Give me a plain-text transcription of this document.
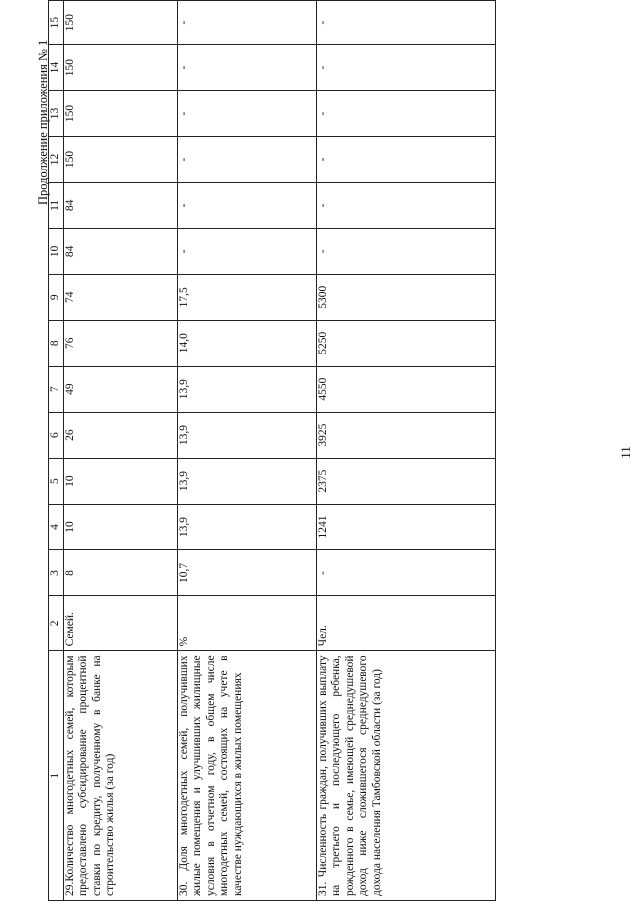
11
Продолжение приложения № 1
1	2	3	4	5	6	7	8	9	10	11	12	13	14	15
29.Количество многодетных семей, которым предоставлено субсидирование процентной ставки по кредиту, полученному в банке на строительство жилья (за год)	Семей.	8	10	10	26	49	76	74	84	84	150	150	150	150
30. Доля многодетных семей, получивших жилые помещения и улучшивших жилищные условия в отчетном году, в общем числе многодетных семей, состоящих на учете в качестве нуждающихся в жилых помещениях	%	10,7	13,9	13,9	13,9	13,9	14,0	17,5	-	-	-	-	-	-
31. Численность граждан, получивших выплату на третьего и последующего ребенка, рожденного в семье, имеющей среднедушевой доход ниже сложившегося среднедушевого дохода населения Тамбовской области (за год)	Чел.	-	1241	2375	3925	4550	5250	5300	-	-	-	-	-	-
